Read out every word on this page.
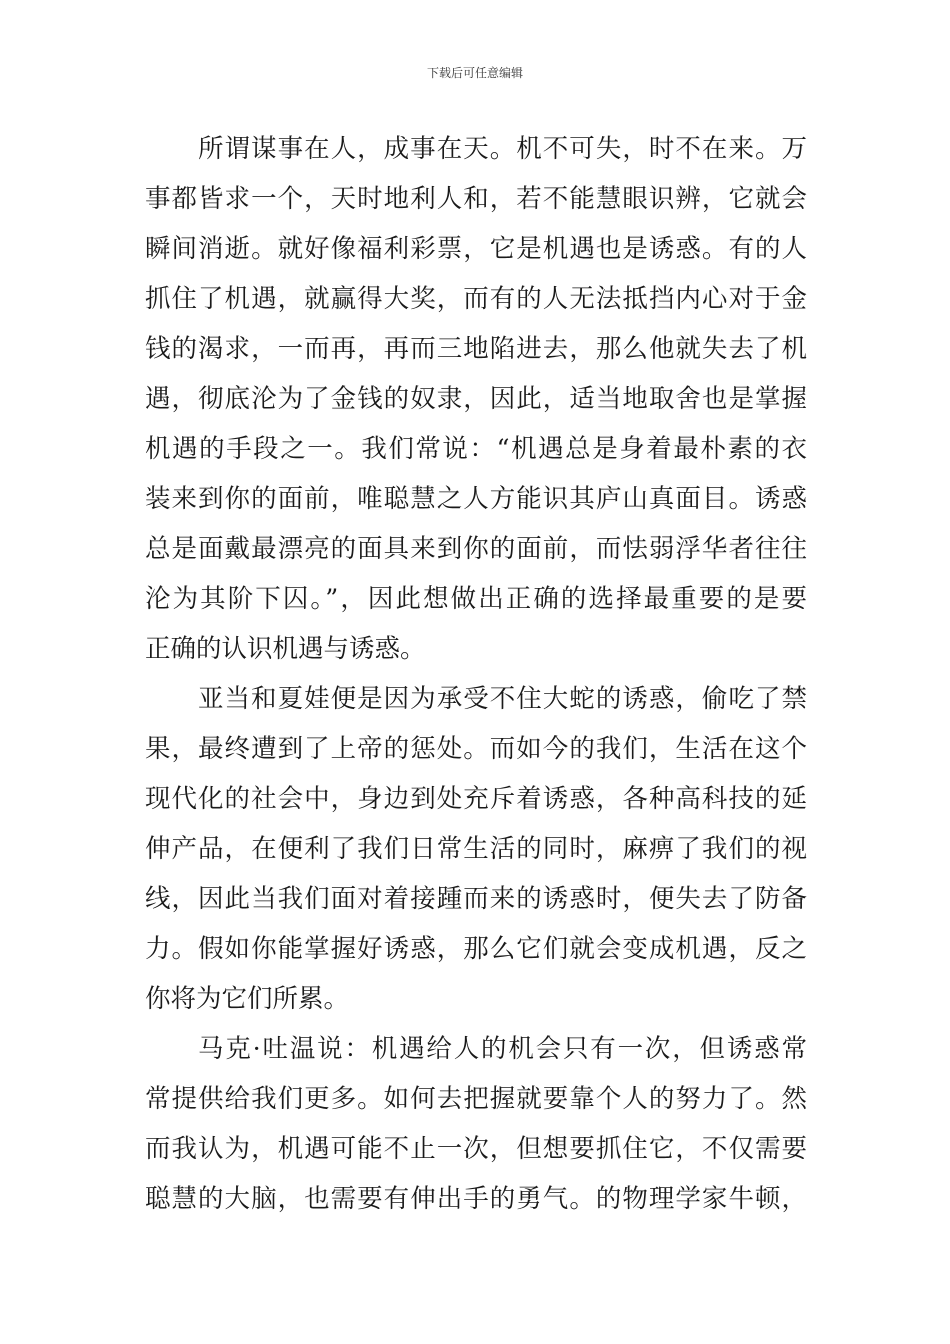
下载后可任意编辑
所谓谋事在人，成事在天。机不可失，时不在来。万
事都皆求一个，天时地利人和，若不能慧眼识辨，它就会
瞬间消逝。就好像福利彩票，它是机遇也是诱惑。有的人
抓住了机遇，就赢得大奖，而有的人无法抵挡内心对于金
钱的渴求，一而再，再而三地陷进去，那么他就失去了机
遇，彻底沦为了金钱的奴隶，因此，适当地取舍也是掌握
机遇的手段之一。我们常说：“机遇总是身着最朴素的衣
装来到你的面前，唯聪慧之人方能识其庐山真面目。诱惑
总是面戴最漂亮的面具来到你的面前，而怯弱浮华者往往
沦为其阶下囚。”，因此想做出正确的选择最重要的是要
正确的认识机遇与诱惑。
亚当和夏娃便是因为承受不住大蛇的诱惑，偷吃了禁
果，最终遭到了上帝的惩处。而如今的我们，生活在这个
现代化的社会中，身边到处充斥着诱惑，各种高科技的延
伸产品，在便利了我们日常生活的同时，麻痹了我们的视
线，因此当我们面对着接踵而来的诱惑时，便失去了防备
力。假如你能掌握好诱惑，那么它们就会变成机遇，反之
你将为它们所累。
马克·吐温说：机遇给人的机会只有一次，但诱惑常
常提供给我们更多。如何去把握就要靠个人的努力了。然
而我认为，机遇可能不止一次，但想要抓住它，不仅需要
聪慧的大脑，也需要有伸出手的勇气。的物理学家牛顿，
